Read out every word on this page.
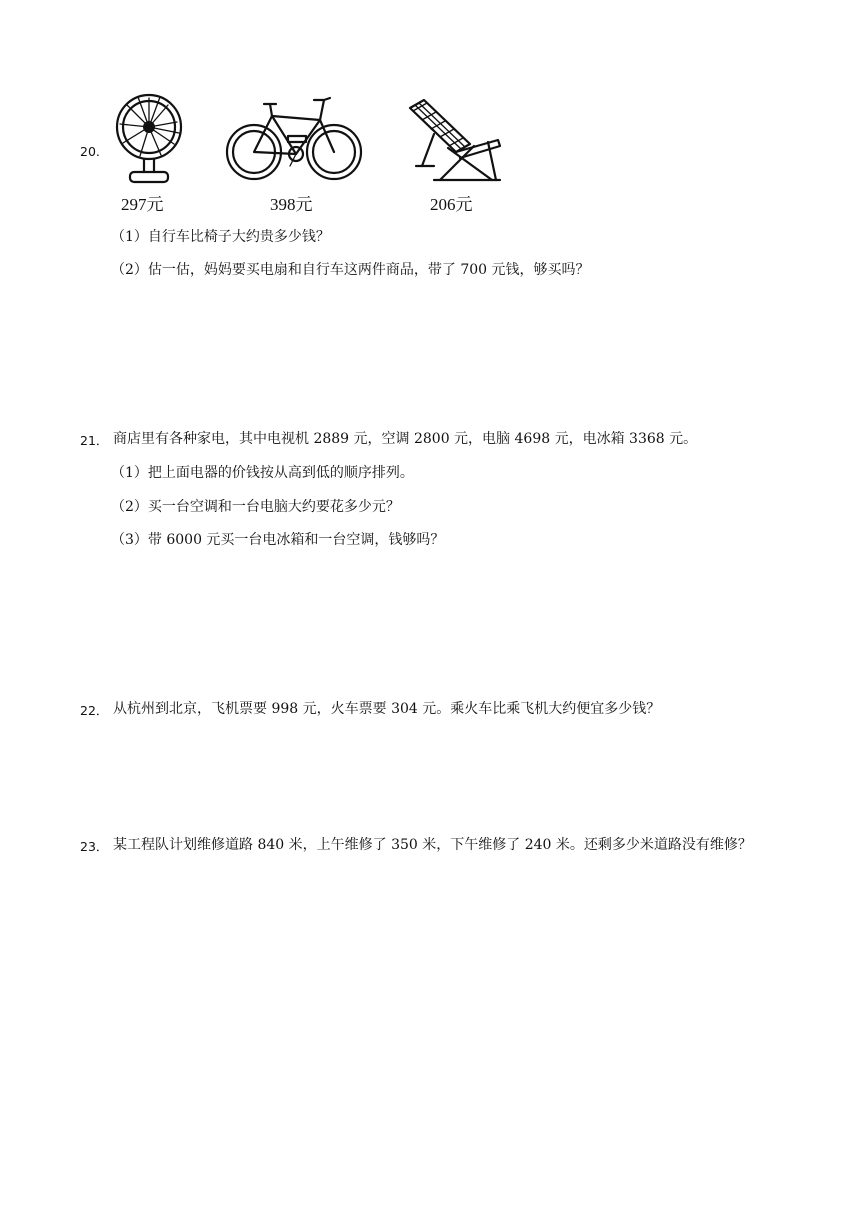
20.
297元	398元	206元
（1）自行车比椅子大约贵多少钱？
（2）估一估，妈妈要买电扇和自行车这两件商品，带了 700 元钱，够买吗？
21． 商店里有各种家电，其中电视机 2889 元，空调 2800 元，电脑 4698 元，电冰箱 3368 元。
（1）把上面电器的价钱按从高到低的顺序排列。
（2）买一台空调和一台电脑大约要花多少元？
（3）带 6000 元买一台电冰箱和一台空调，钱够吗？
22． 从杭州到北京，飞机票要 998 元，火车票要 304 元。乘火车比乘飞机大约便宜多少钱？
23． 某工程队计划维修道路 840 米，上午维修了 350 米，下午维修了 240 米。还剩多少米道路没有维修？
